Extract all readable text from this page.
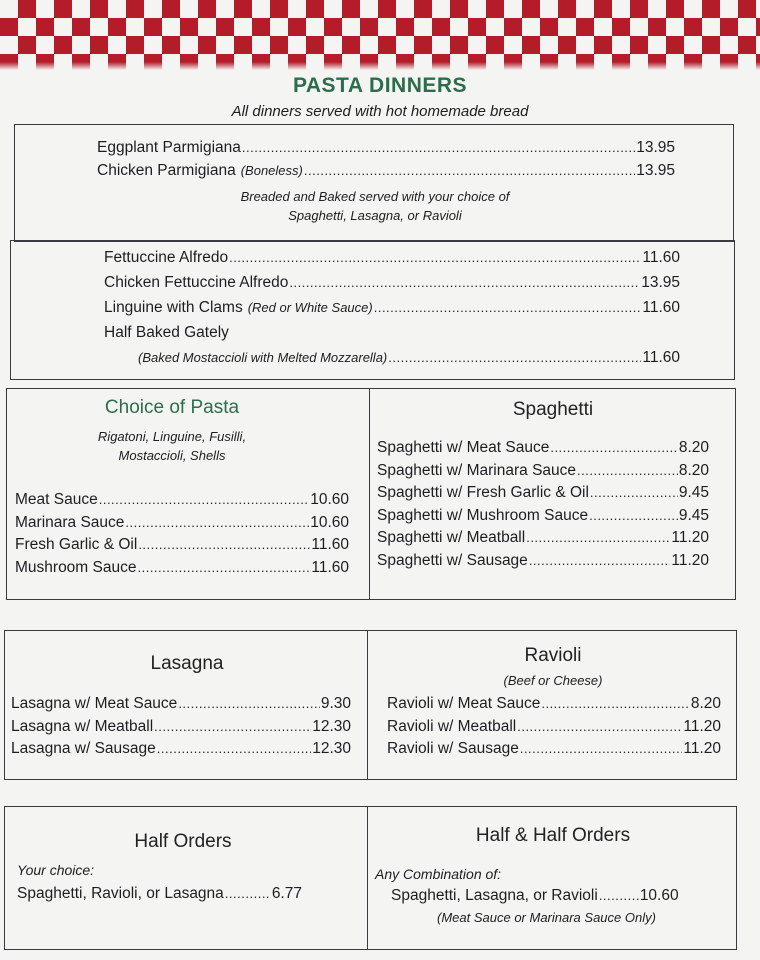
PASTA DINNERS
All dinners served with hot homemade bread
Eggplant Parmigiana .....	13.95
Chicken Parmigiana (Boneless) .....	13.95
Breaded and Baked served with your choice of
Spaghetti, Lasagna, or Ravioli
Fettuccine Alfredo .....	11.60
Chicken Fettuccine Alfredo .....	13.95
Linguine with Clams (Red or White Sauce) .....	11.60
Half Baked Gately
(Baked Mostaccioli with Melted Mozzarella) .....	11.60
Choice of Pasta
Rigatoni, Linguine, Fusilli,
Mostaccioli, Shells
Meat Sauce .....	10.60
Marinara Sauce .....	10.60
Fresh Garlic & Oil .....	11.60
Mushroom Sauce .....	11.60
Spaghetti
Spaghetti w/ Meat Sauce .....	8.20
Spaghetti w/ Marinara Sauce .....	8.20
Spaghetti w/ Fresh Garlic & Oil .....	9.45
Spaghetti w/ Mushroom Sauce .....	9.45
Spaghetti w/ Meatball .....	11.20
Spaghetti w/ Sausage .....	11.20
Lasagna
Lasagna w/ Meat Sauce .....	9.30
Lasagna w/ Meatball .....	12.30
Lasagna w/ Sausage .....	12.30
Ravioli
(Beef or Cheese)
Ravioli w/ Meat Sauce .....	8.20
Ravioli w/ Meatball .....	11.20
Ravioli w/ Sausage .....	11.20
Half Orders
Your choice:
Spaghetti, Ravioli, or Lasagna .....	6.77
Half & Half Orders
Any Combination of:
Spaghetti, Lasagna, or Ravioli .....	10.60
(Meat Sauce or Marinara Sauce Only)
